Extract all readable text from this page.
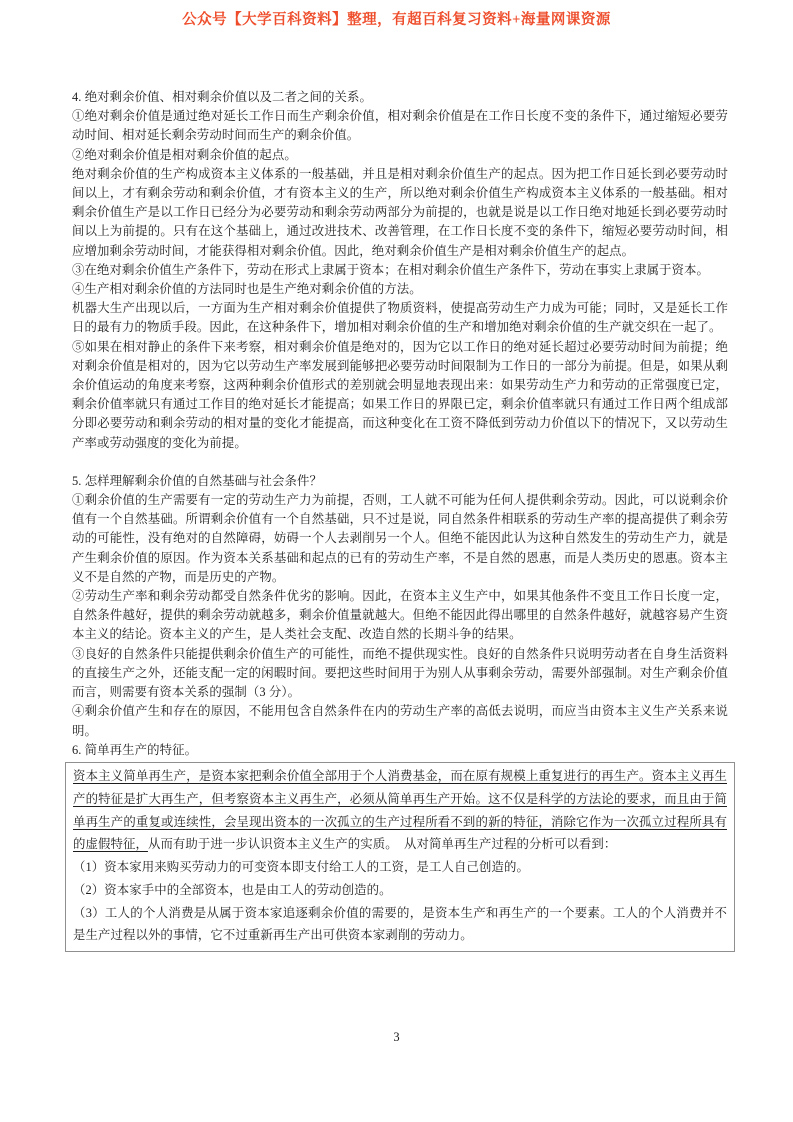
公众号【大学百科资料】整理，有超百科复习资料+海量网课资源

4. 绝对剩余价值、相对剩余价值以及二者之间的关系。

①绝对剩余价值是通过绝对延长工作日而生产剩余价值，相对剩余价值是在工作日长度不变的条件下，通过缩短必要劳动时间、相对延长剩余劳动时间而生产的剩余价值。

②绝对剩余价值是相对剩余价值的起点。

绝对剩余价值的生产构成资本主义体系的一般基础，并且是相对剩余价值生产的起点。因为把工作日延长到必要劳动时间以上，才有剩余劳动和剩余价值，才有资本主义的生产，所以绝对剩余价值生产构成资本主义体系的一般基础。相对剩余价值生产是以工作日已经分为必要劳动和剩余劳动两部分为前提的，也就是说是以工作日绝对地延长到必要劳动时间以上为前提的。只有在这个基础上，通过改进技术、改善管理，在工作日长度不变的条件下，缩短必要劳动时间，相应增加剩余劳动时间，才能获得相对剩余价值。因此，绝对剩余价值生产是相对剩余价值生产的起点。

③在绝对剩余价值生产条件下，劳动在形式上隶属于资本；在相对剩余价值生产条件下，劳动在事实上隶属于资本。

④生产相对剩余价值的方法同时也是生产绝对剩余价值的方法。

机器大生产出现以后，一方面为生产相对剩余价值提供了物质资料，使提高劳动生产力成为可能；同时，又是延长工作日的最有力的物质手段。因此，在这种条件下，增加相对剩余价值的生产和增加绝对剩余价值的生产就交织在一起了。

⑤如果在相对静止的条件下来考察，相对剩余价值是绝对的，因为它以工作日的绝对延长超过必要劳动时间为前提；绝对剩余价值是相对的，因为它以劳动生产率发展到能够把必要劳动时间限制为工作日的一部分为前提。但是，如果从剩余价值运动的角度来考察，这两种剩余价值形式的差别就会明显地表现出来：如果劳动生产力和劳动的正常强度已定，剩余价值率就只有通过工作目的绝对延长才能提高；如果工作日的界限已定，剩余价值率就只有通过工作日两个组成部分即必要劳动和剩余劳动的相对量的变化才能提高，而这种变化在工资不降低到劳动力价值以下的情况下，又以劳动生产率或劳动强度的变化为前提。

5. 怎样理解剩余价值的自然基础与社会条件？

①剩余价值的生产需要有一定的劳动生产力为前提，否则，工人就不可能为任何人提供剩余劳动。因此，可以说剩余价值有一个自然基础。所谓剩余价值有一个自然基础，只不过是说，同自然条件相联系的劳动生产率的提高提供了剩余劳动的可能性，没有绝对的自然障碍，妨碍一个人去剥削另一个人。但绝不能因此认为这种自然发生的劳动生产力，就是产生剩余价值的原因。作为资本关系基础和起点的已有的劳动生产率，不是自然的恩惠，而是人类历史的恩惠。资本主义不是自然的产物，而是历史的产物。

②劳动生产率和剩余劳动都受自然条件优劣的影响。因此，在资本主义生产中，如果其他条件不变且工作日长度一定，自然条件越好，提供的剩余劳动就越多，剩余价值量就越大。但绝不能因此得出哪里的自然条件越好，就越容易产生资本主义的结论。资本主义的产生，是人类社会支配、改造自然的长期斗争的结果。

③良好的自然条件只能提供剩余价值生产的可能性，而绝不提供现实性。良好的自然条件只说明劳动者在自身生活资料的直接生产之外，还能支配一定的闲暇时间。要把这些时间用于为别人从事剩余劳动，需要外部强制。对生产剩余价值而言，则需要有资本关系的强制（3 分）。

④剩余价值产生和存在的原因，不能用包含自然条件在内的劳动生产率的高低去说明，而应当由资本主义生产关系来说明。

6. 简单再生产的特征。

资本主义简单再生产，是资本家把剩余价值全部用于个人消费基金，而在原有规模上重复进行的再生产。资本主义再生产的特征是扩大再生产，但考察资本主义再生产，必须从简单再生产开始。这不仅是科学的方法论的要求，而且由于简单再生产的重复或连续性，会呈现出资本的一次孤立的生产过程所看不到的新的特征，消除它作为一次孤立过程所具有的虚假特征，从而有助于进一步认识资本主义生产的实质。　从对简单再生产过程的分析可以看到：

（1）资本家用来购买劳动力的可变资本即支付给工人的工资，是工人自己创造的。

（2）资本家手中的全部资本，也是由工人的劳动创造的。

（3）工人的个人消费是从属于资本家追逐剩余价值的需要的，是资本生产和再生产的一个要素。工人的个人消费并不是生产过程以外的事情，它不过重新再生产出可供资本家剥削的劳动力。

3
